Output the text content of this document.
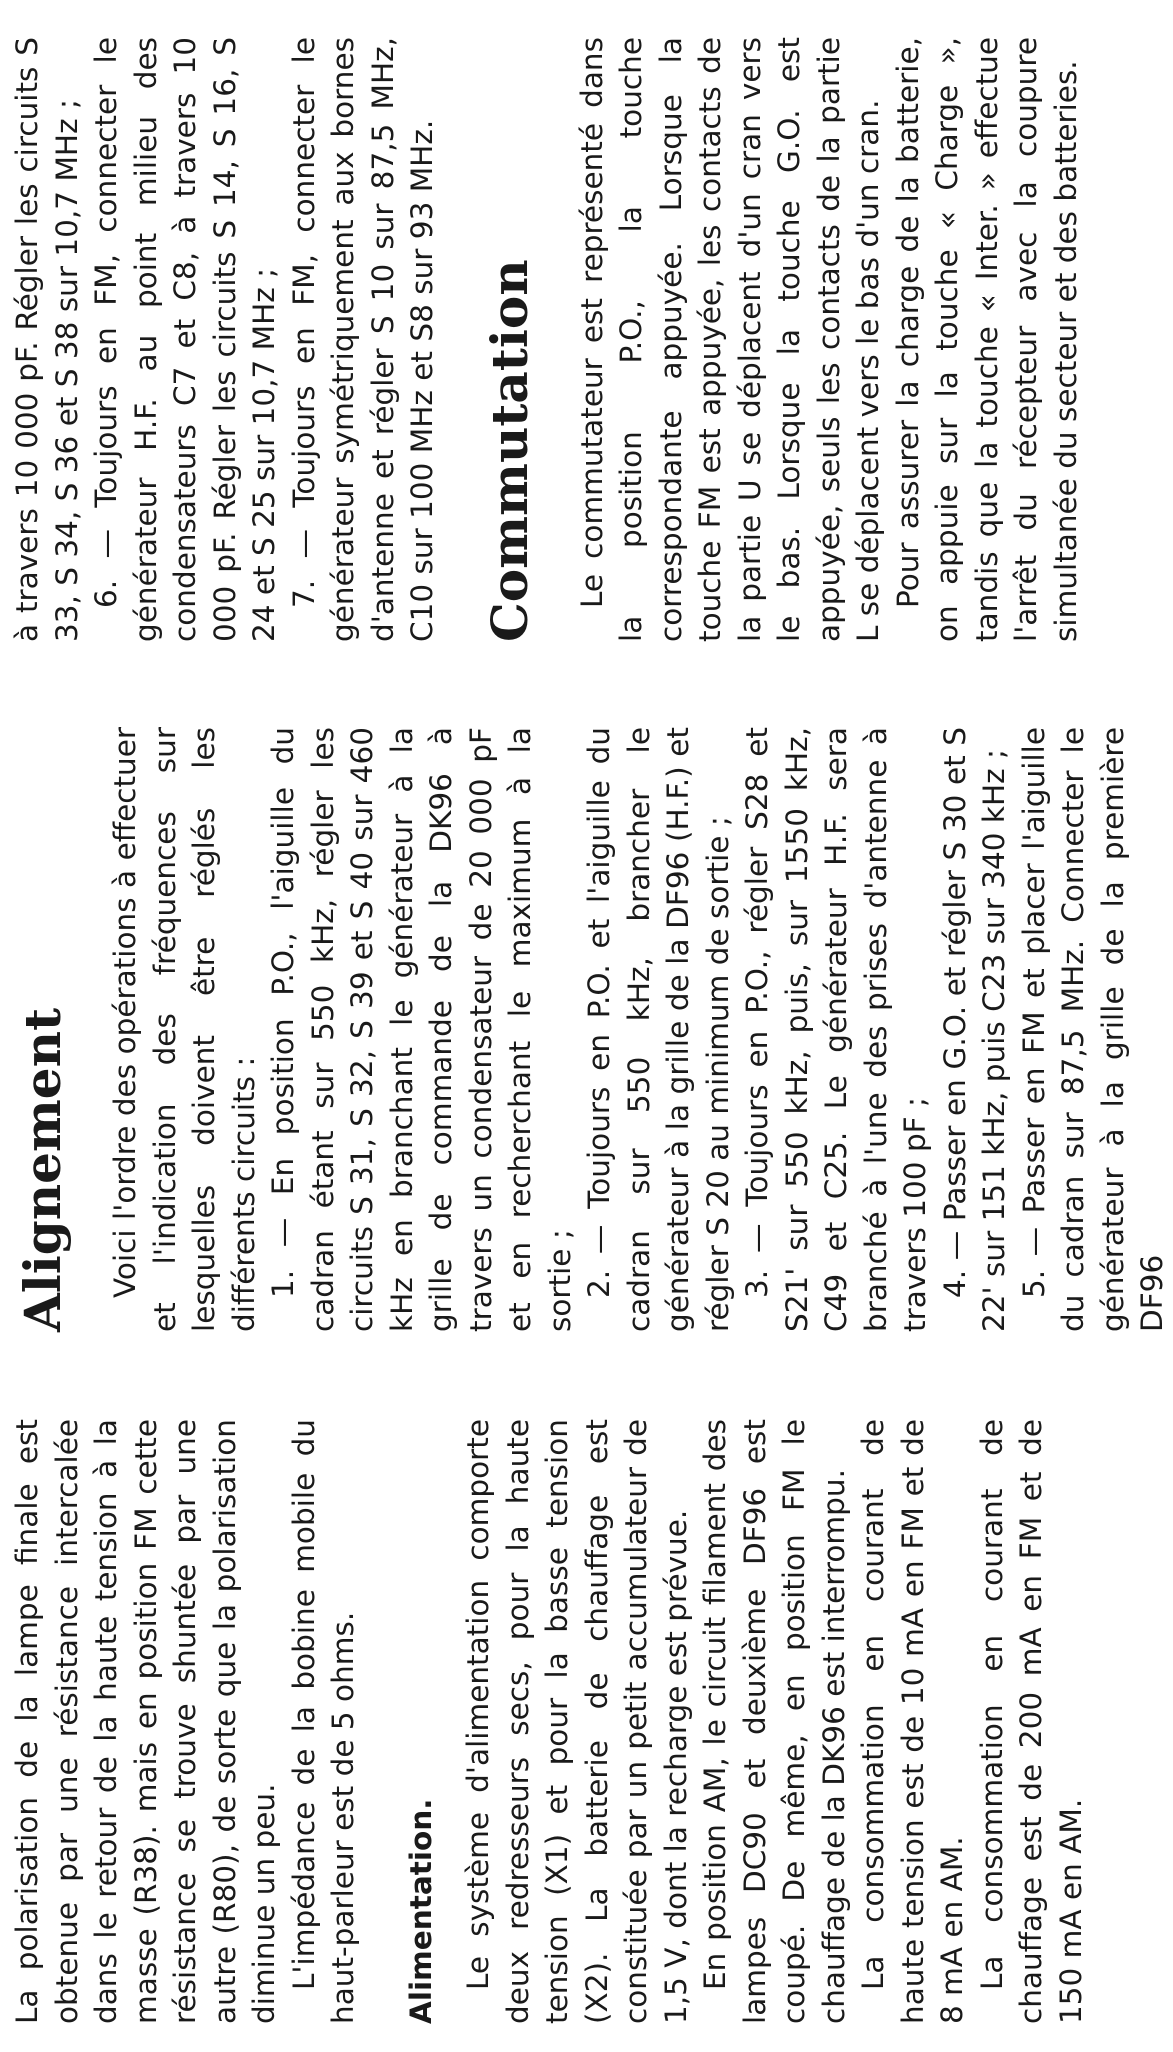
La polarisation de la lampe finale est obtenue par une résistance intercalée dans le retour de la haute tension à la masse (R38). mais en position FM cette résistance se trouve shuntée par une autre (R80), de sorte que la polarisation diminue un peu. L'impédance de la bobine mobile du haut-parleur est de 5 ohms. Alimentation. Le système d'alimentation comporte deux redresseurs secs, pour la haute tension (X1) et pour la basse tension (X2). La batterie de chauffage est constituée par un petit accumulateur de 1,5 V, dont la recharge est prévue. En position AM, le circuit filament des lampes DC90 et deuxième DF96 est coupé. De même, en position FM le chauffage de la DK96 est interrompu. La consommation en courant de haute tension est de 10 mA en FM et de 8 mA en AM. La consommation en courant de chauffage est de 200 mA en FM et de 150 mA en AM.

Alignement Voici l'ordre des opérations à effectuer et l'indication des fréquences sur lesquelles doivent être réglés les différents circuits : 1. — En position P.O., l'aiguille du cadran étant sur 550 kHz, régler les circuits S 31, S 32, S 39 et S 40 sur 460 kHz en branchant le générateur à la grille de commande de la DK96 à travers un condensateur de 20 000 pF et en recherchant le maximum à la sortie ; 2. — Toujours en P.O. et l'aiguille du cadran sur 550 kHz, brancher le générateur à la grille de la DF96 (H.F.) et régler S 20 au minimum de sortie ; 3. — Toujours en P.O., régler S28 et S21' sur 550 kHz, puis, sur 1550 kHz, C49 et C25. Le générateur H.F. sera branché à l'une des prises d'antenne à travers 100 pF ; 4. — Passer en G.O. et régler S 30 et S 22' sur 151 kHz, puis C23 sur 340 kHz ; 5. — Passer en FM et placer l'aiguille du cadran sur 87,5 MHz. Connecter le générateur à la grille de la première DF96

à travers 10 000 pF. Régler les circuits S 33, S 34, S 36 et S 38 sur 10,7 MHz ; 6. — Toujours en FM, connecter le générateur H.F. au point milieu des condensateurs C7 et C8, à travers 10 000 pF. Régler les circuits S 14, S 16, S 24 et S 25 sur 10,7 MHz ; 7. — Toujours en FM, connecter le générateur symétriquement aux bornes d'antenne et régler S 10 sur 87,5 MHz, C10 sur 100 MHz et S8 sur 93 MHz. Commutation Le commutateur est représenté dans la position P.O., la touche correspondante appuyée. Lorsque la touche FM est appuyée, les contacts de la partie U se déplacent d'un cran vers le bas. Lorsque la touche G.O. est appuyée, seuls les contacts de la partie L se déplacent vers le bas d'un cran. Pour assurer la charge de la batterie, on appuie sur la touche « Charge », tandis que la touche « Inter. » effectue l'arrêt du récepteur avec la coupure simultanée du secteur et des batteries.
